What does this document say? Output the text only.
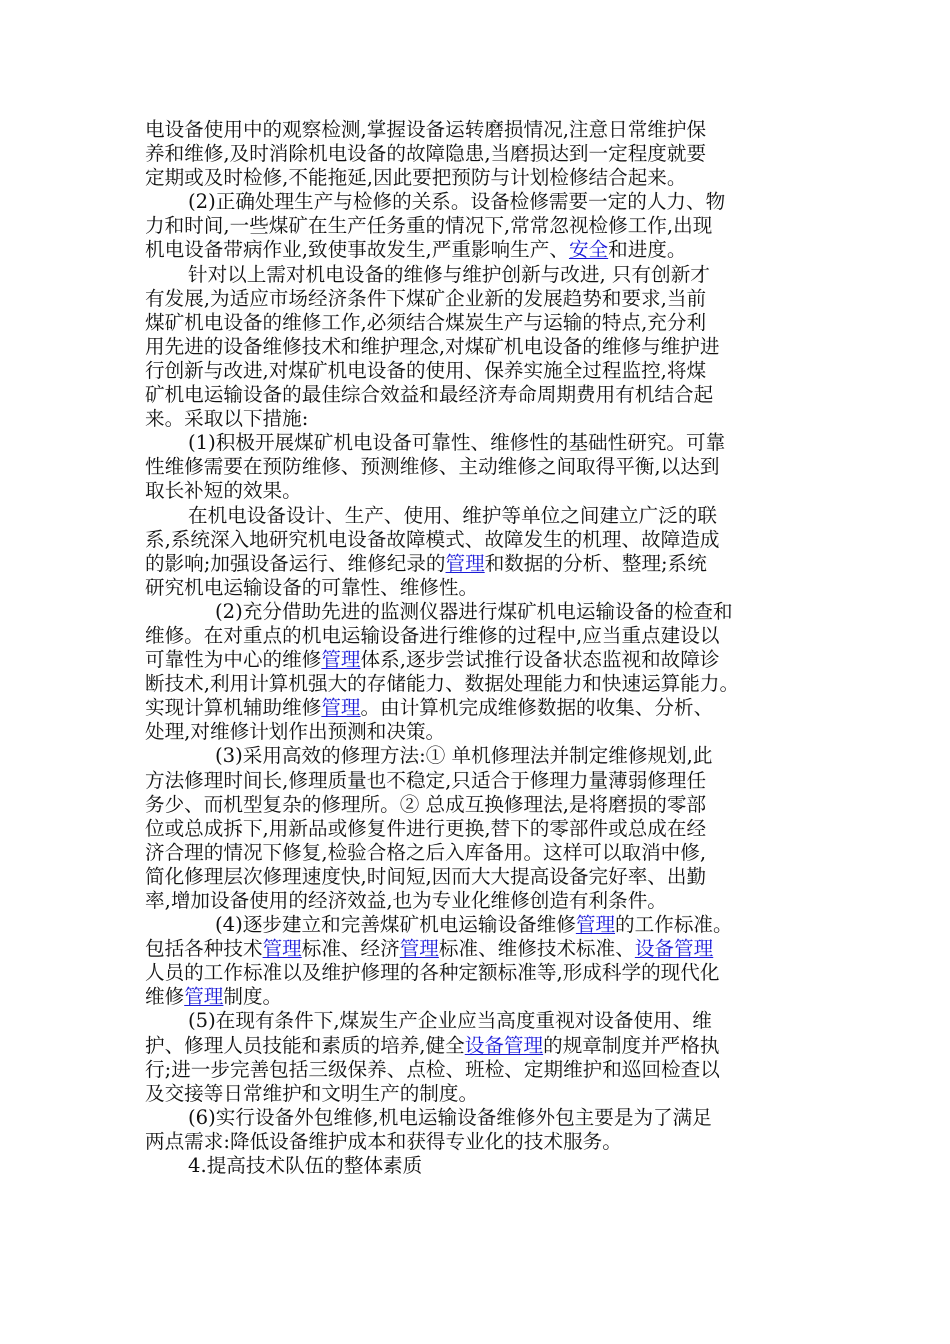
电设备使用中的观察检测,掌握设备运转磨损情况,注意日常维护保
养和维修,及时消除机电设备的故障隐患,当磨损达到一定程度就要
定期或及时检修,不能拖延,因此要把预防与计划检修结合起来。
(2)正确处理生产与检修的关系。设备检修需要一定的人力、物
力和时间,一些煤矿在生产任务重的情况下,常常忽视检修工作,出现
机电设备带病作业,致使事故发生,严重影响生产、安全和进度。
针对以上需对机电设备的维修与维护创新与改进, 只有创新才
有发展,为适应市场经济条件下煤矿企业新的发展趋势和要求,当前
煤矿机电设备的维修工作,必须结合煤炭生产与运输的特点,充分利
用先进的设备维修技术和维护理念,对煤矿机电设备的维修与维护进
行创新与改进,对煤矿机电设备的使用、保养实施全过程监控,将煤
矿机电运输设备的最佳综合效益和最经济寿命周期费用有机结合起
来。采取以下措施:
(1)积极开展煤矿机电设备可靠性、维修性的基础性研究。可靠
性维修需要在预防维修、预测维修、主动维修之间取得平衡,以达到
取长补短的效果。
在机电设备设计、生产、使用、维护等单位之间建立广泛的联
系,系统深入地研究机电设备故障模式、故障发生的机理、故障造成
的影响;加强设备运行、维修纪录的管理和数据的分析、整理;系统
研究机电运输设备的可靠性、维修性。
(2)充分借助先进的监测仪器进行煤矿机电运输设备的检查和
维修。在对重点的机电运输设备进行维修的过程中,应当重点建设以
可靠性为中心的维修管理体系,逐步尝试推行设备状态监视和故障诊
断技术,利用计算机强大的存储能力、数据处理能力和快速运算能力。
实现计算机辅助维修管理。由计算机完成维修数据的收集、分析、
处理,对维修计划作出预测和决策。
(3)采用高效的修理方法:① 单机修理法并制定维修规划,此
方法修理时间长,修理质量也不稳定,只适合于修理力量薄弱修理任
务少、而机型复杂的修理所。② 总成互换修理法,是将磨损的零部
位或总成拆下,用新品或修复件进行更换,替下的零部件或总成在经
济合理的情况下修复,检验合格之后入库备用。这样可以取消中修,
简化修理层次修理速度快,时间短,因而大大提高设备完好率、出勤
率,增加设备使用的经济效益,也为专业化维修创造有利条件。
(4)逐步建立和完善煤矿机电运输设备维修管理的工作标准。
包括各种技术管理标准、经济管理标准、维修技术标准、设备管理
人员的工作标准以及维护修理的各种定额标准等,形成科学的现代化
维修管理制度。
(5)在现有条件下,煤炭生产企业应当高度重视对设备使用、维
护、修理人员技能和素质的培养,健全设备管理的规章制度并严格执
行;进一步完善包括三级保养、点检、班检、定期维护和巡回检查以
及交接等日常维护和文明生产的制度。
(6)实行设备外包维修,机电运输设备维修外包主要是为了满足
两点需求:降低设备维护成本和获得专业化的技术服务。
4.提高技术队伍的整体素质
